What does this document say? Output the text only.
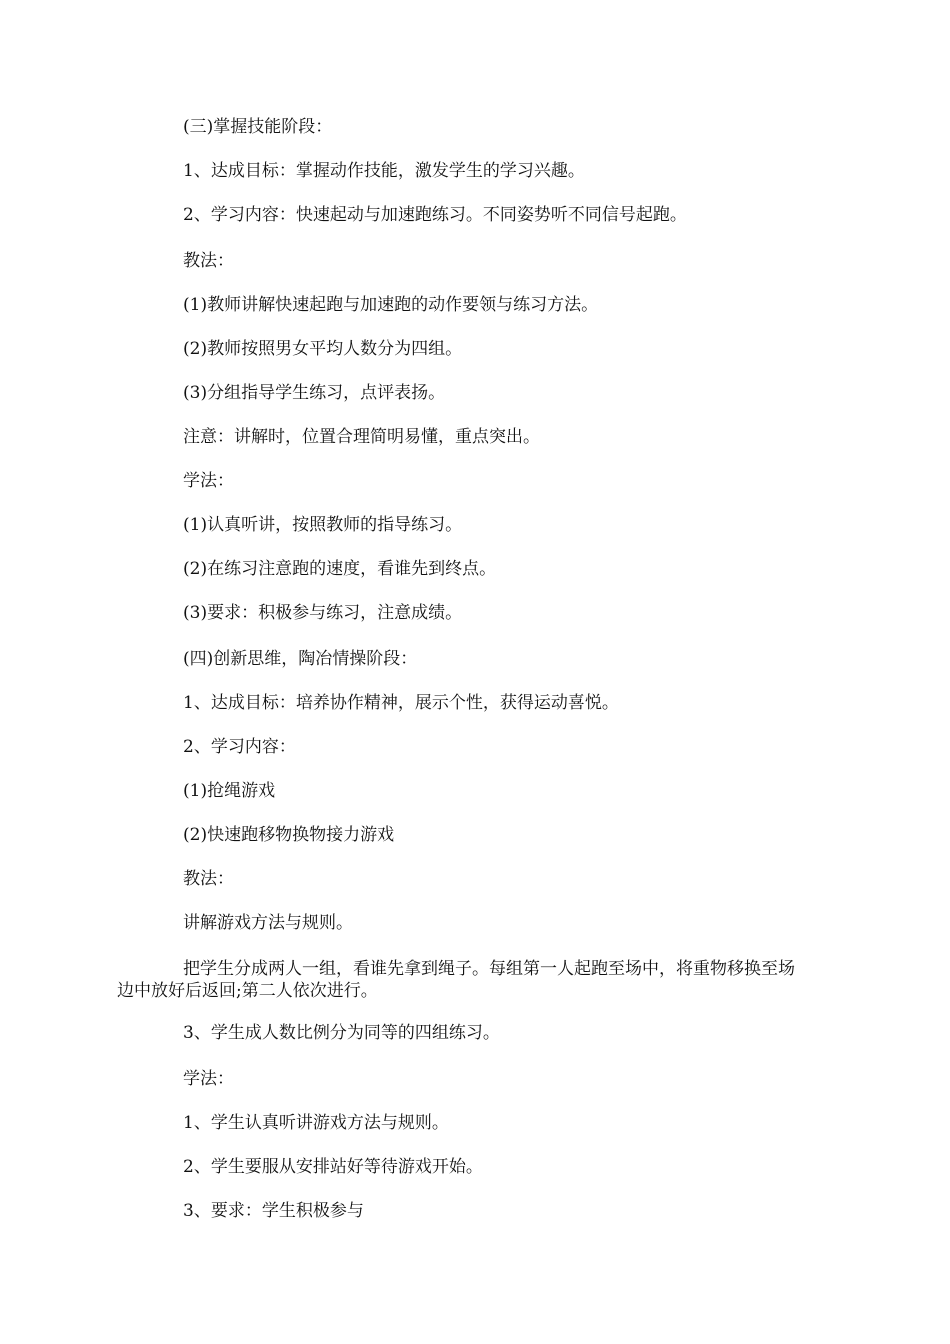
(三)掌握技能阶段：

1、达成目标：掌握动作技能，激发学生的学习兴趣。

2、学习内容：快速起动与加速跑练习。不同姿势听不同信号起跑。

教法：

(1)教师讲解快速起跑与加速跑的动作要领与练习方法。

(2)教师按照男女平均人数分为四组。

(3)分组指导学生练习，点评表扬。

注意：讲解时，位置合理简明易懂，重点突出。

学法：

(1)认真听讲，按照教师的指导练习。

(2)在练习注意跑的速度，看谁先到终点。

(3)要求：积极参与练习，注意成绩。

(四)创新思维，陶冶情操阶段：

1、达成目标：培养协作精神，展示个性，获得运动喜悦。

2、学习内容：

(1)抢绳游戏

(2)快速跑移物换物接力游戏

教法：

讲解游戏方法与规则。

把学生分成两人一组，看谁先拿到绳子。每组第一人起跑至场中，将重物移换至场边中放好后返回;第二人依次进行。

3、学生成人数比例分为同等的四组练习。

学法：

1、学生认真听讲游戏方法与规则。

2、学生要服从安排站好等待游戏开始。

3、要求：学生积极参与
